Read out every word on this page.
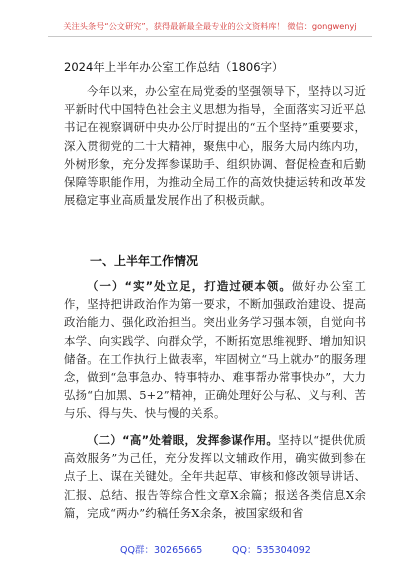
关注头条号“公文研究”，获得最新最全最专业的公文资料库！ 微信：gongwenyj
2024年上半年办公室工作总结（1806字）
今年以来，办公室在局党委的坚强领导下，坚持以习近平新时代中国特色社会主义思想为指导，全面落实习近平总书记在视察调研中央办公厅时提出的“五个坚持”重要要求，深入贯彻党的二十大精神，聚焦中心，服务大局内练内功，外树形象，充分发挥参谋助手、组织协调、督促检查和后勤保障等职能作用，为推动全局工作的高效快捷运转和改革发展稳定事业高质量发展作出了积极贡献。
一、上半年工作情况
（一）“实”处立足，打造过硬本领。做好办公室工作，坚持把讲政治作为第一要求，不断加强政治建设、提高政治能力、强化政治担当。突出业务学习强本领，自觉向书本学、向实践学、向群众学，不断拓宽思维视野、增加知识储备。在工作执行上做表率，牢固树立“马上就办”的服务理念，做到“急事急办、特事特办、难事帮办常事快办”，大力弘扬“白加黑、5+2”精神，正确处理好公与私、义与利、苦与乐、得与失、快与慢的关系。
（二）“高”处着眼，发挥参谋作用。坚持以“提供优质高效服务”为己任，充分发挥以文辅政作用，确实做到参在点子上、谋在关键处。全年共起草、审核和修改领导讲话、汇报、总结、报告等综合性文章X余篇；报送各类信息X余篇，完成“两办”约稿任务X余条，被国家级和省
QQ群：30265665	QQ：535304092
